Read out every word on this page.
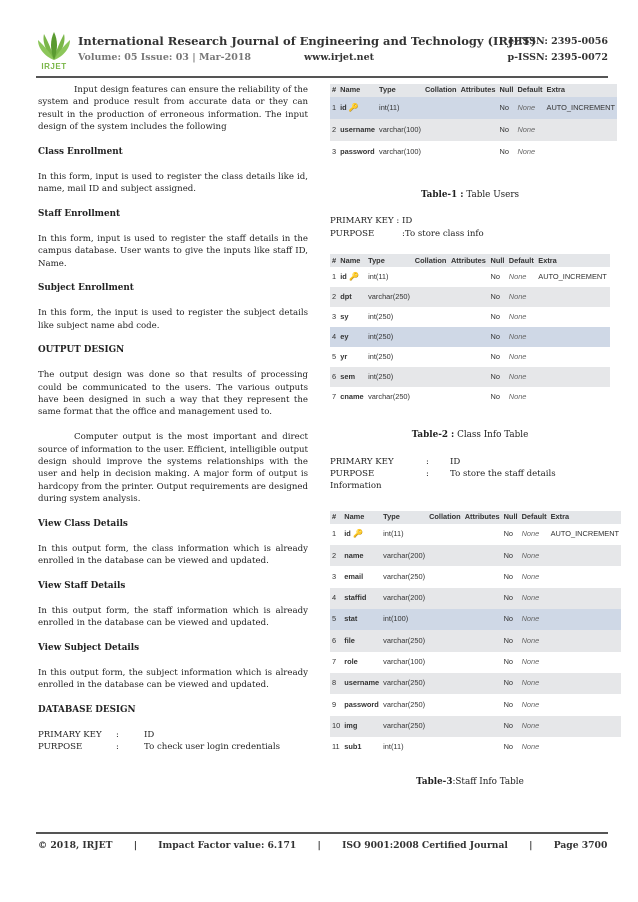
IRJET
International Research Journal of Engineering and Technology (IRJET)
Volume: 05 Issue: 03 | Mar-2018	www.irjet.net
e-ISSN: 2395-0056
p-ISSN: 2395-0072

Input design features can ensure the reliability of the system and produce result from accurate data or they can result in the production of erroneous information. The input design of the system includes the following

Class Enrollment

In this form, input is used to register the class details like id, name, mail ID and subject assigned.

Staff Enrollment

In this form, input is used to register the staff details in the campus database. User wants to give the inputs like staff ID, Name.

Subject Enrollment

In this form, the input is used to register the subject details like subject name abd code.

OUTPUT DESIGN

The output design was done so that results of processing could be communicated to the users. The various outputs have been designed in such a way that they represent the same format that the office and management used to.

Computer output is the most important and direct source of information to the user. Efficient, intelligible output design should improve the systems relationships with the user and help in decision making. A major form of output is hardcopy from the printer. Output requirements are designed during system analysis.

View Class Details

In this output form, the class information which is already enrolled in the database can be viewed and updated.

View Staff Details

In this output form, the staff information which is already enrolled in the database can be viewed and updated.

View Subject Details

In this output form, the subject information which is already enrolled in the database can be viewed and updated.

DATABASE DESIGN
PRIMARY KEY	:	ID
PURPOSE	:	To check user login credentials
#	Name	Type	Collation	Attributes	Null	Default	Extra
1	id 🔑	int(11)			No	None	AUTO_INCREMENT
2	username	varchar(100)			No	None	
3	password	varchar(100)			No	None	

Table-1 : Table Users

PRIMARY KEY : ID
PURPOSE	:To store class info
#	Name	Type	Collation	Attributes	Null	Default	Extra
1	id 🔑	int(11)			No	None	AUTO_INCREMENT
2	dpt	varchar(250)			No	None	
3	sy	int(250)			No	None	
4	ey	int(250)			No	None	
5	yr	int(250)			No	None	
6	sem	int(250)			No	None	
7	cname	varchar(250)			No	None	

Table-2 : Class Info Table

PRIMARY KEY	:	ID
PURPOSE	:	To store the staff details
Information
#	Name	Type	Collation	Attributes	Null	Default	Extra
1	id 🔑	int(11)			No	None	AUTO_INCREMENT
2	name	varchar(200)			No	None	
3	email	varchar(250)			No	None	
4	staffid	varchar(200)			No	None	
5	stat	int(100)			No	None	
6	file	varchar(250)			No	None	
7	role	varchar(100)			No	None	
8	username	varchar(250)			No	None	
9	password	varchar(250)			No	None	
10	img	varchar(250)			No	None	
11	sub1	int(11)			No	None	

Table-3:Staff Info Table

© 2018, IRJET | Impact Factor value: 6.171 | ISO 9001:2008 Certified Journal | Page 3700
